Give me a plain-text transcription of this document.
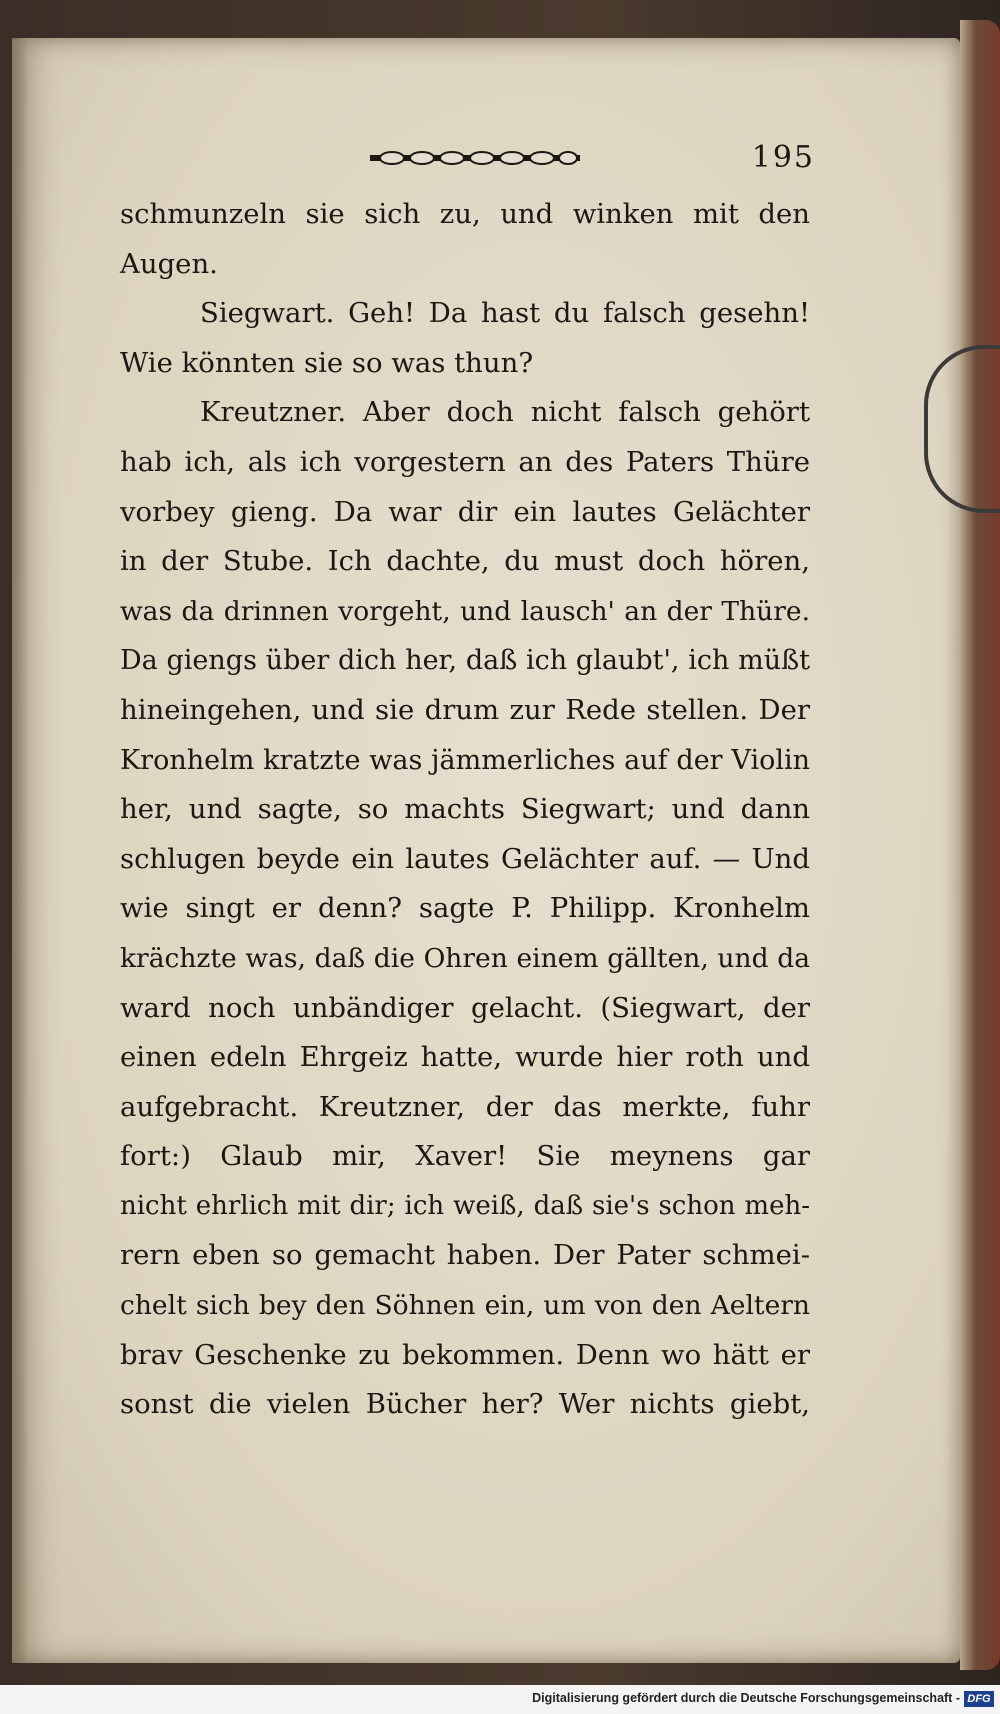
195
schmunzeln sie sich zu, und winken mit den
Augen.
Siegwart. Geh! Da hast du falsch gesehn!
Wie könnten sie so was thun?
Kreutzner. Aber doch nicht falsch gehört
hab ich, als ich vorgestern an des Paters Thüre
vorbey gieng. Da war dir ein lautes Gelächter
in der Stube. Ich dachte, du must doch hören,
was da drinnen vorgeht, und lausch' an der Thüre.
Da giengs über dich her, daß ich glaubt', ich müßt
hineingehen, und sie drum zur Rede stellen. Der
Kronhelm kratzte was jämmerliches auf der Violin
her, und sagte, so machts Siegwart; und dann
schlugen beyde ein lautes Gelächter auf. — Und
wie singt er denn? sagte P. Philipp. Kronhelm
krächzte was, daß die Ohren einem gällten, und da
ward noch unbändiger gelacht. (Siegwart, der
einen edeln Ehrgeiz hatte, wurde hier roth und
aufgebracht. Kreutzner, der das merkte, fuhr
fort:) Glaub mir, Xaver! Sie meynens gar
nicht ehrlich mit dir; ich weiß, daß sie's schon meh-
rern eben so gemacht haben. Der Pater schmei-
chelt sich bey den Söhnen ein, um von den Aeltern
brav Geschenke zu bekommen. Denn wo hätt er
sonst die vielen Bücher her? Wer nichts giebt,
Digitalisierung gefördert durch die Deutsche Forschungsgemeinschaft - DFG
